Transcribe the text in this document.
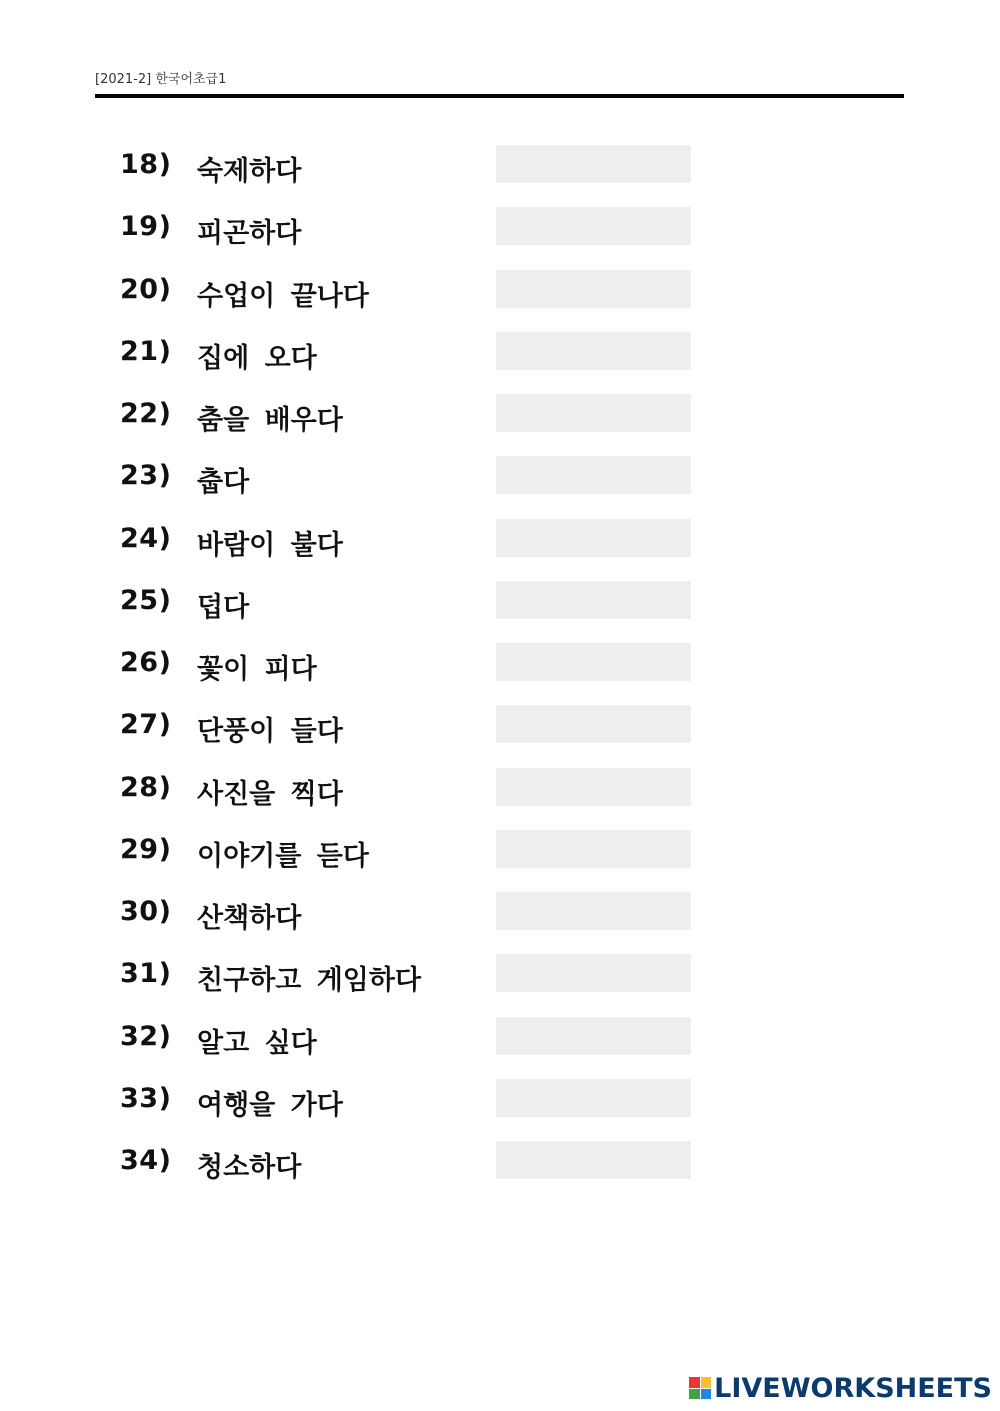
[2021-2] 한국어초급1
18) 숙제하다
19) 피곤하다
20) 수업이 끝나다
21) 집에 오다
22) 춤을 배우다
23) 춥다
24) 바람이 불다
25) 덥다
26) 꽃이 피다
27) 단풍이 들다
28) 사진을 찍다
29) 이야기를 듣다
30) 산책하다
31) 친구하고 게임하다
32) 알고 싶다
33) 여행을 가다
34) 청소하다
LIVEWORKSHEETS
